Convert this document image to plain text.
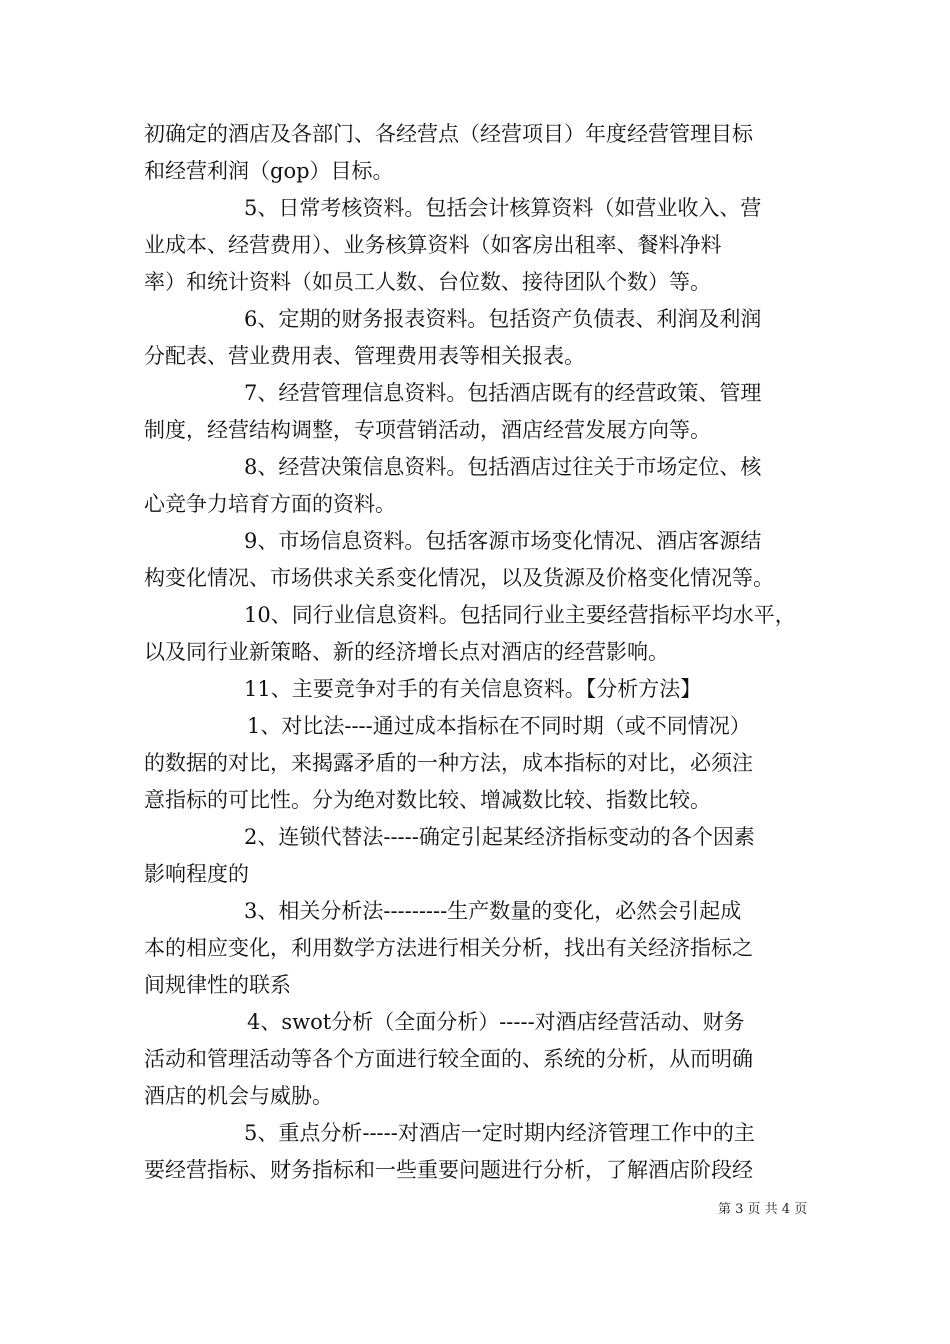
初确定的酒店及各部门、各经营点（经营项目）年度经营管理目标
和经营利润（gop）目标。
5、日常考核资料。包括会计核算资料（如营业收入、营
业成本、经营费用）、业务核算资料（如客房出租率、餐料净料
率）和统计资料（如员工人数、台位数、接待团队个数）等。
6、定期的财务报表资料。包括资产负债表、利润及利润
分配表、营业费用表、管理费用表等相关报表。
7、经营管理信息资料。包括酒店既有的经营政策、管理
制度，经营结构调整，专项营销活动，酒店经营发展方向等。
8、经营决策信息资料。包括酒店过往关于市场定位、核
心竞争力培育方面的资料。
9、市场信息资料。包括客源市场变化情况、酒店客源结
构变化情况、市场供求关系变化情况，以及货源及价格变化情况等。
10、同行业信息资料。包括同行业主要经营指标平均水平，
以及同行业新策略、新的经济增长点对酒店的经营影响。
11、主要竞争对手的有关信息资料。【分析方法】
1、对比法----通过成本指标在不同时期（或不同情况）
的数据的对比，来揭露矛盾的一种方法，成本指标的对比，必须注
意指标的可比性。分为绝对数比较、增减数比较、指数比较。
2、连锁代替法-----确定引起某经济指标变动的各个因素
影响程度的
3、相关分析法---------生产数量的变化，必然会引起成
本的相应变化，利用数学方法进行相关分析，找出有关经济指标之
间规律性的联系
4、swot分析（全面分析）-----对酒店经营活动、财务
活动和管理活动等各个方面进行较全面的、系统的分析，从而明确
酒店的机会与威胁。
5、重点分析-----对酒店一定时期内经济管理工作中的主
要经营指标、财务指标和一些重要问题进行分析，了解酒店阶段经
第 3 页 共 4 页
